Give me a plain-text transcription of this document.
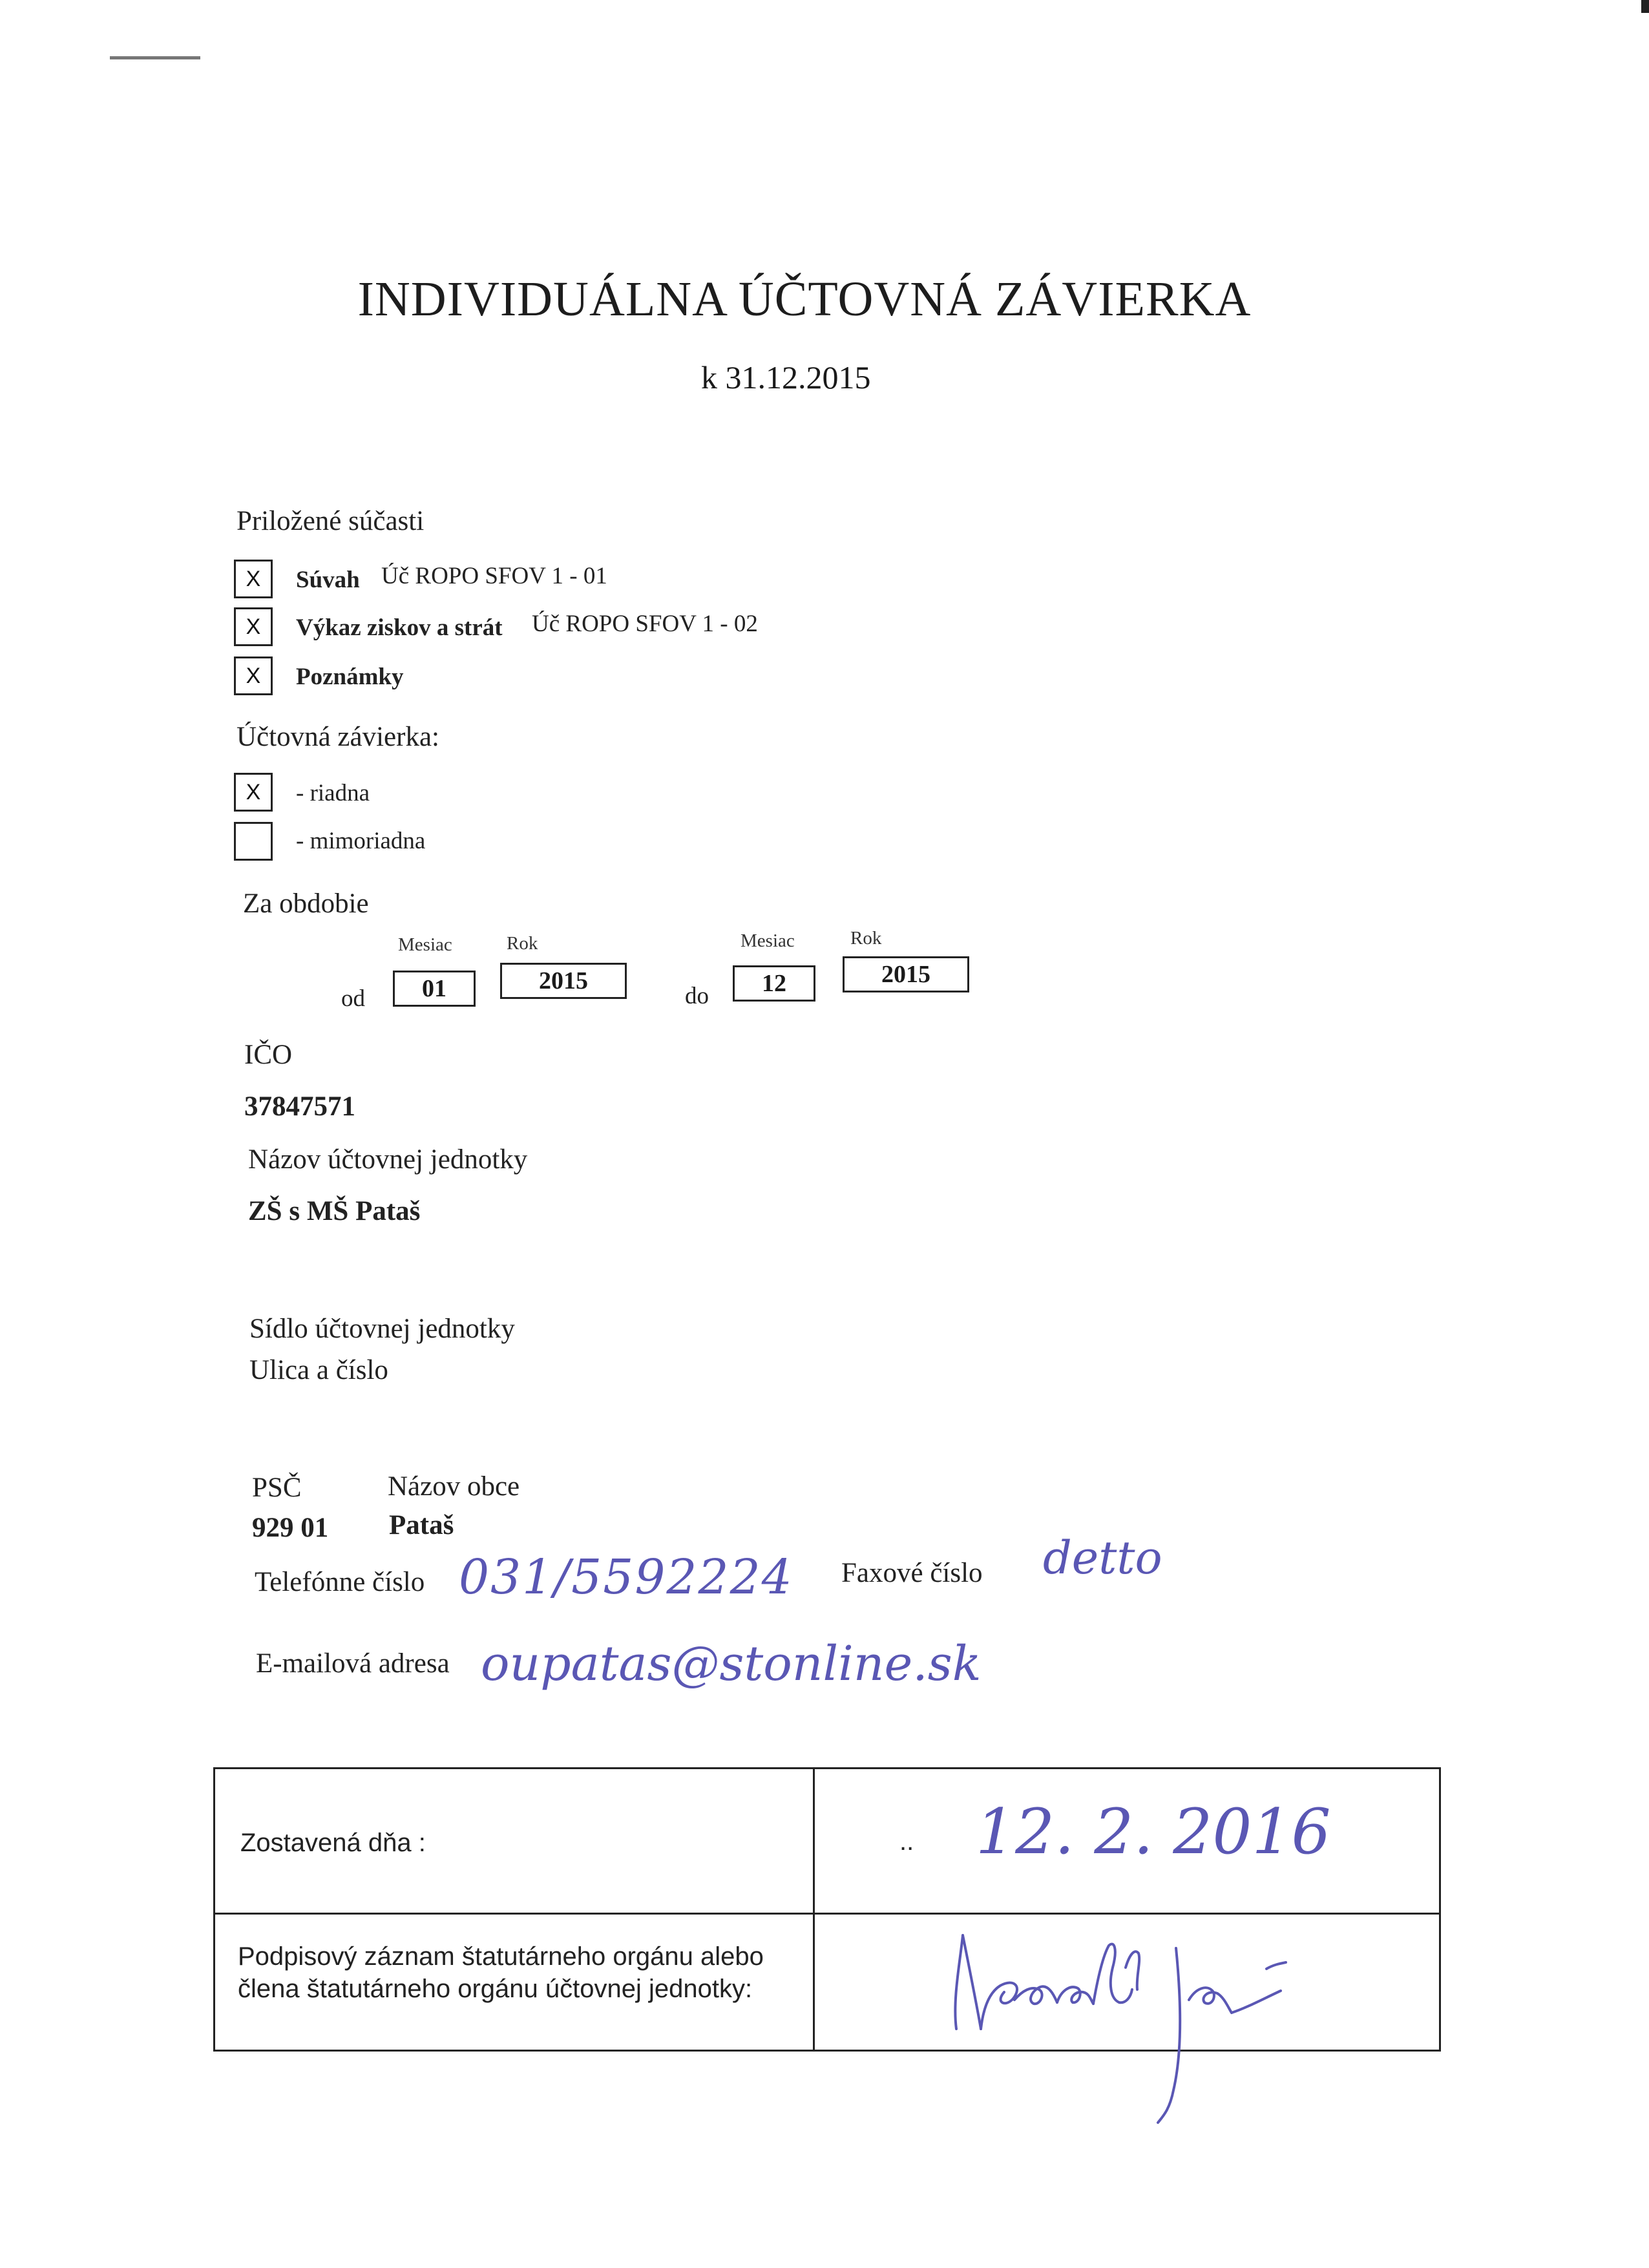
INDIVIDUÁLNA ÚČTOVNÁ ZÁVIERKA
k 31.12.2015
Priložené súčasti
X	Súvah Úč ROPO SFOV 1 - 01
X	Výkaz ziskov a strát Úč ROPO SFOV 1 - 02
X	Poznámky
Účtovná závierka:
X	- riadna
- mimoriadna
Za obdobie
Mesiac	Rok	Mesiac	Rok
od	01	2015
do	12	2015
IČO
37847571
Názov účtovnej jednotky
ZŠ s MŠ Pataš
Sídlo účtovnej jednotky
Ulica a číslo
PSČ	Názov obce
929 01 Pataš
Telefónne číslo 031/5592224 Faxové číslo detto
E-mailová adresa oupatas@stonline.sk
Zostavená dňa :	.. 12. 2. 2016
Podpisový záznam štatutárneho orgánu alebo
člena štatutárneho orgánu účtovnej jednotky:
